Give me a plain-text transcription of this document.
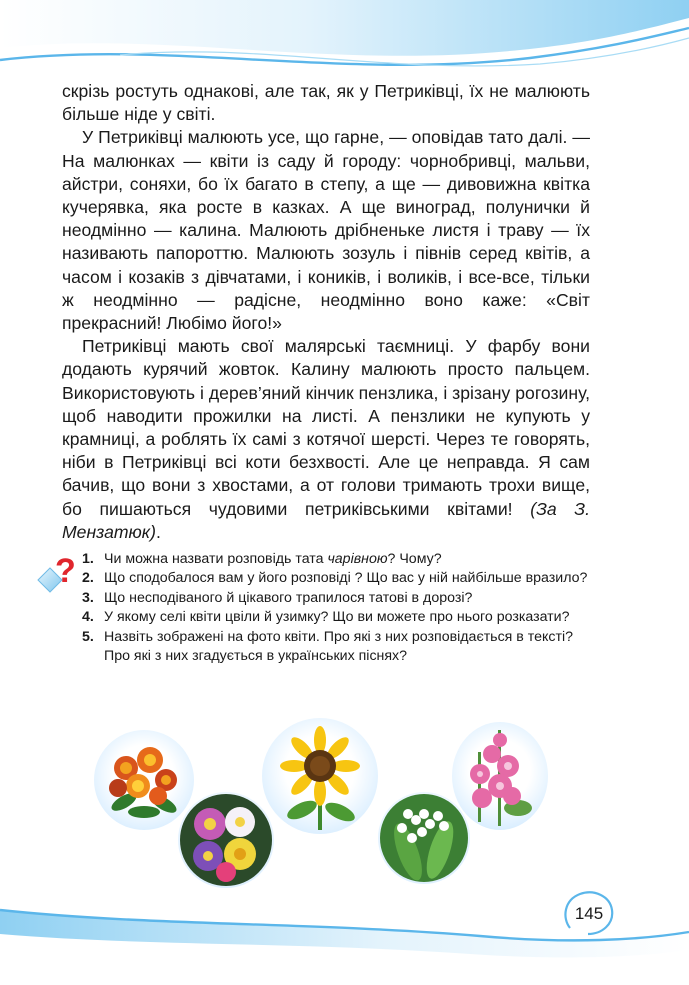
скрізь ростуть однакові, але так, як у Петриківці, їх не малюють більше ніде у світі.

У Петриківці малюють усе, що гарне, — оповідав тато далі. — На малюнках — квіти із саду й городу: чорнобривці, мальви, айстри, соняхи, бо їх багато в степу, а ще — дивовижна квітка кучерявка, яка росте в казках. А ще виноград, полунички й неодмінно — калина. Малюють дрібненьке листя і траву — їх називають папороттю. Малюють зозуль і півнів серед квітів, а часом і козаків з дівчатами, і коників, і воликів, і все-все, тільки ж неодмінно — радісне, неодмінно воно каже: «Світ прекрасний! Любімо його!»

Петриківці мають свої малярські таємниці. У фарбу вони додають курячий жовток. Калину малюють просто пальцем. Використовують і дерев’яний кінчик пензлика, і зрізану рогозину, щоб наводити прожилки на листі. А пензлики не купують у крамниці, а роблять їх самі з котячої шерсті. Через те говорять, ніби в Петриківці всі коти безхвості. Але це неправда. Я сам бачив, що вони з хвостами, а от голови тримають трохи вище, бо пишаються чудовими петриківськими квітами! (За З. Мензатюк).

? 1. Чи можна назвати розповідь тата чарівною? Чому?
2. Що сподобалося вам у його розповіді ? Що вас у ній найбільше вразило?
3. Що несподіваного й цікавого трапилося татові в дорозі?
4. У якому селі квіти цвіли й узимку? Що ви можете про нього розказати?
5. Назвіть зображені на фото квіти. Про які з них розповідається в тексті? Про які з них згадується в українських піснях?
145
